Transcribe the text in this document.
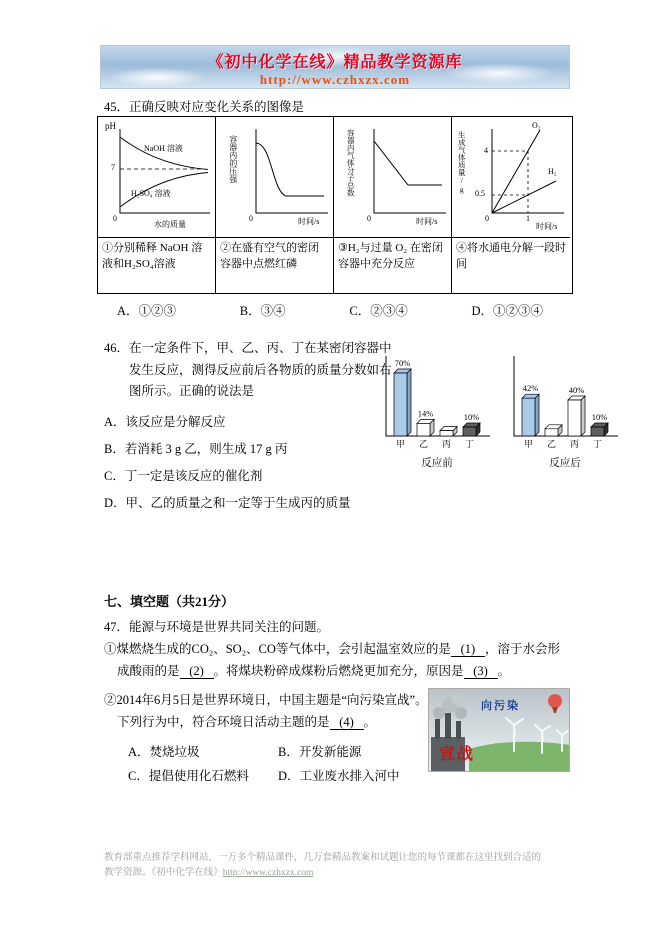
《初中化学在线》精品教学资源库
http://www.czhxzx.com
45．正确反映对应变化关系的图像是
pH
7
NaOH 溶液
H₂SO₄ 溶液
0
水的质量
容器内的压强
0	时间/s
容器内气体分子总数
0	时间/s
生成气体质量/g 4
0.5
1
O₂
H₂
0
时间/s
①分别稀释 NaOH 溶液和H₂SO₄溶液
②在盛有空气的密闭容器中点燃红磷
③H₂与过量 O₂ 在密闭容器中充分反应
④将水通电分解一段时间
A．①②③	B．③④	C．②③④	D．①②③④
46．在一定条件下，甲、乙、丙、丁在某密闭容器中发生反应，测得反应前后各物质的质量分数如右图所示。正确的说法是
A．该反应是分解反应
B．若消耗 3 g 乙，则生成 17 g 丙
C．丁一定是该反应的催化剂
D．甲、乙的质量之和一定等于生成丙的质量
70%
甲
14%
乙 丙
10%
丁
反应前
42%
甲 乙
40%
丙
10%
丁
反应后
七、填空题（共21分）
47．能源与环境是世界共同关注的问题。
①煤燃烧生成的CO₂、SO₂、CO等气体中，会引起温室效应的是 (1) ，溶于水会形成酸雨的是 (2) 。将煤块粉碎成煤粉后燃烧更加充分，原因是 (3) 。
②2014年6月5日是世界环境日，中国主题是“向污染宣战”。下列行为中，符合环境日活动主题的是 (4) 。
A．焚烧垃圾	B．开发新能源
C．提倡使用化石燃料	D．工业废水排入河中
向污染
宣战
教育部重点推荐学科网站，一万多个精品课件，几万套精品教案和试题让您的每节课都在这里找到合适的
教学资源。《初中化学在线》http://www.czhxzx.com
